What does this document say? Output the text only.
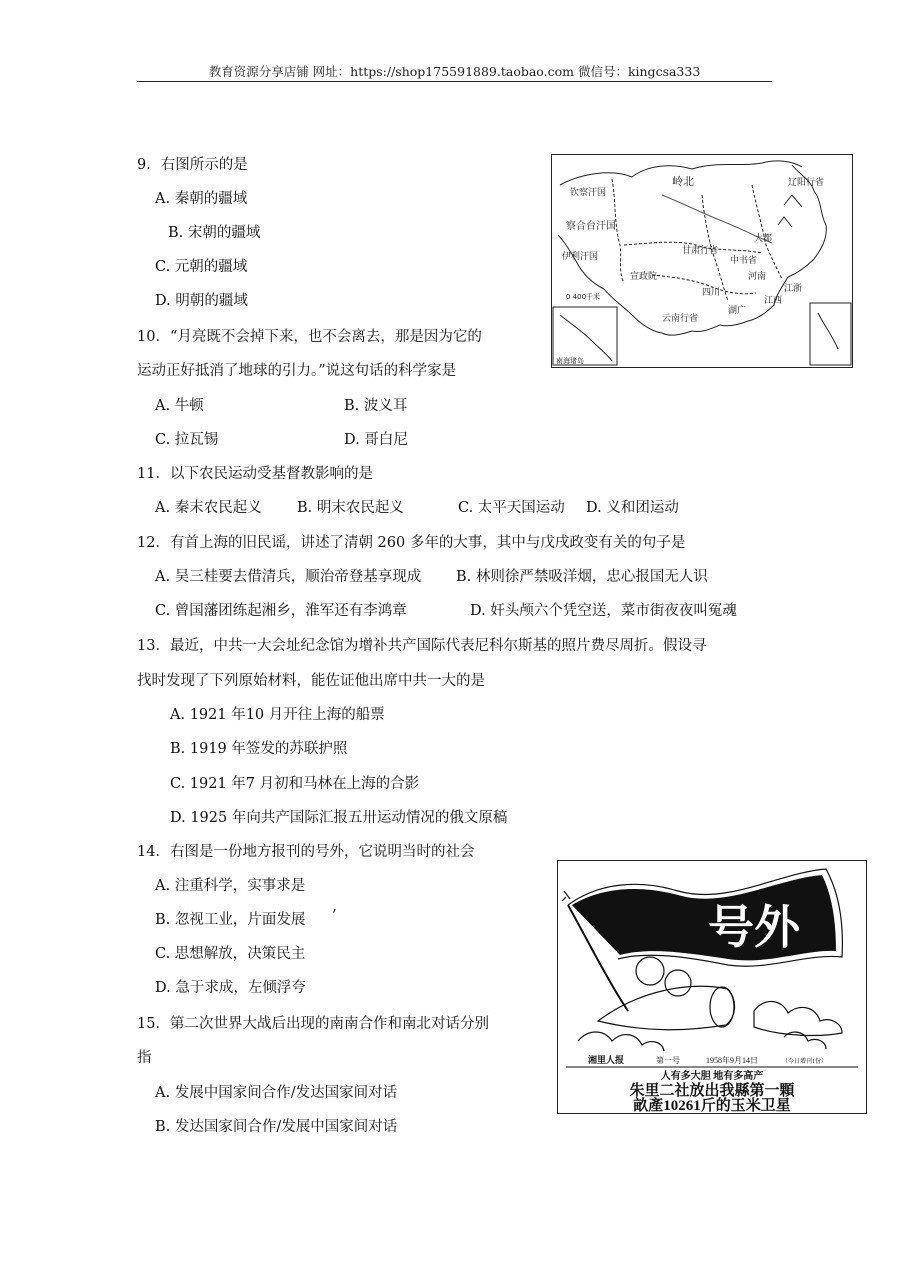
教育资源分享店铺 网址：https://shop175591889.taobao.com 微信号：kingcsa333
9．右图所示的是
A. 秦朝的疆域
B. 宋朝的疆域
C. 元朝的疆域
D. 明朝的疆域
钦察汗国
察合台汗国
伊利汗国
岭北	辽阳行省
中书省
甘肃行省
河南
大都
宣政院
四川
云南行省
湖广
江西
江浙
0 400千米
南海诸岛
10．“月亮既不会掉下来，也不会离去，那是因为它的
运动正好抵消了地球的引力。”说这句话的科学家是
A. 牛顿	B. 波义耳
C. 拉瓦锡	D. 哥白尼
11．以下农民运动受基督教影响的是
A. 秦末农民起义 B. 明末农民起义	C. 太平天国运动 D. 义和团运动
12．有首上海的旧民谣，讲述了清朝 260 多年的大事，其中与戊戌政变有关的句子是
A. 吴三桂要去借清兵，顺治帝登基享现成 B. 林则徐严禁吸洋烟，忠心报国无人识
C. 曾国藩团练起湘乡，淮军还有李鸿章	D. 奸头颅六个凭空送，菜市街夜夜叫冤魂
13．最近，中共一大会址纪念馆为增补共产国际代表尼科尔斯基的照片费尽周折。假设寻
找时发现了下列原始材料，能佐证他出席中共一大的是
A. 1921 年10 月开往上海的船票
B. 1919 年签发的苏联护照
C. 1921 年7 月初和马林在上海的合影
D. 1925 年向共产国际汇报五卅运动情况的俄文原稿
14．右图是一份地方报刊的号外，它说明当时的社会
A. 注重科学，实事求是
B. 忽视工业，片面发展 ’
C. 思想解放，决策民主
D. 急于求成，左倾浮夸
号外
湘里人报	第一号	1958年9月14日	（今日增刊1份）
人有多大胆 地有多高产
朱里二社放出我縣第一顆
畝產10261斤的玉米卫星
15．第二次世界大战后出现的南南合作和南北对话分别
指
A. 发展中国家间合作/发达国家间对话
B. 发达国家间合作/发展中国家间对话
